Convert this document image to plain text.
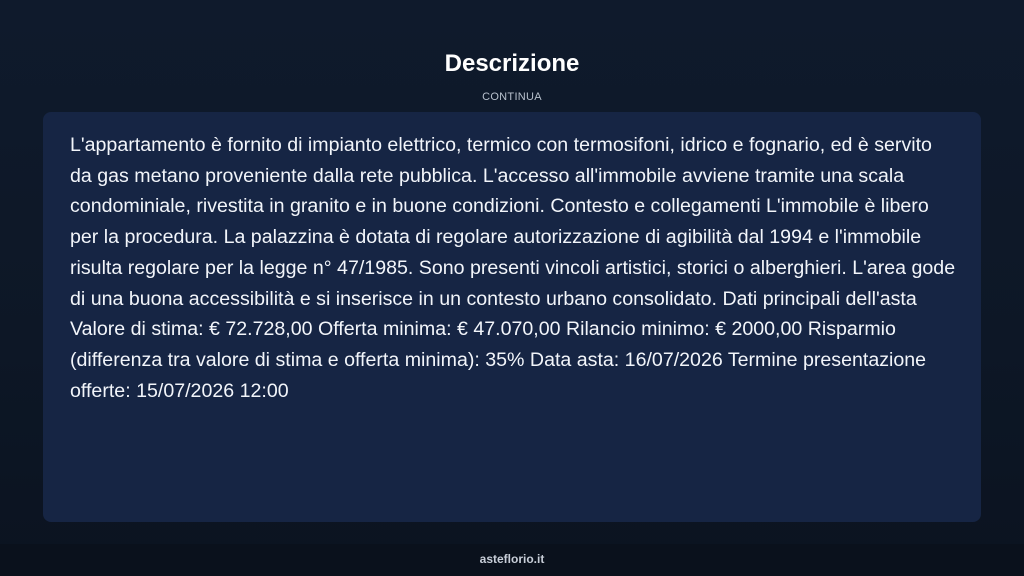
Descrizione
CONTINUA

L'appartamento è fornito di impianto elettrico, termico con termosifoni, idrico e fognario, ed è servito da gas metano proveniente dalla rete pubblica. L'accesso all'immobile avviene tramite una scala condominiale, rivestita in granito e in buone condizioni. Contesto e collegamenti L'immobile è libero per la procedura. La palazzina è dotata di regolare autorizzazione di agibilità dal 1994 e l'immobile risulta regolare per la legge n° 47/1985. Sono presenti vincoli artistici, storici o alberghieri. L'area gode di una buona accessibilità e si inserisce in un contesto urbano consolidato. Dati principali dell'asta Valore di stima: € 72.728,00 Offerta minima: € 47.070,00 Rilancio minimo: € 2000,00 Risparmio (differenza tra valore di stima e offerta minima): 35% Data asta: 16/07/2026 Termine presentazione offerte: 15/07/2026 12:00

asteflorio.it
